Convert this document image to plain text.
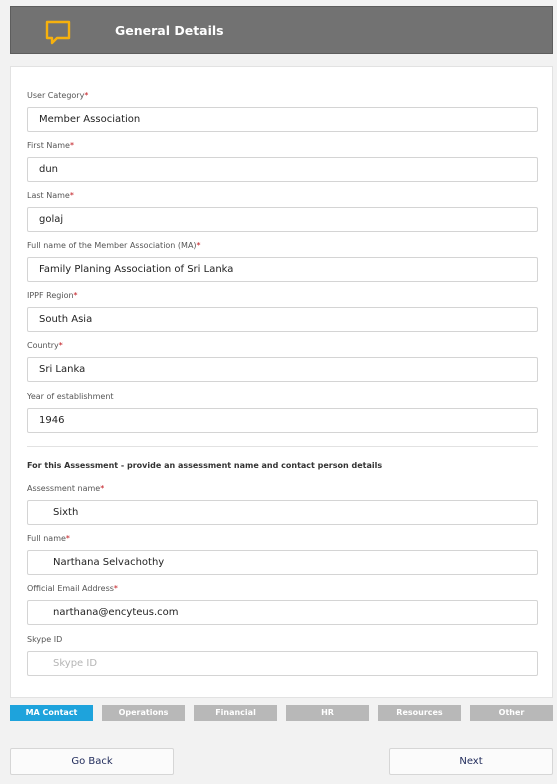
General Details
User Category*
Member Association
First Name*
dun
Last Name*
golaj
Full name of the Member Association (MA)*
Family Planing Association of Sri Lanka
IPPF Region*
South Asia
Country*
Sri Lanka
Year of establishment
1946
For this Assessment - provide an assessment name and contact person details
Assessment name*
Sixth
Full name*
Narthana Selvachothy
Official Email Address*
narthana@encyteus.com
Skype ID
Skype ID
MA Contact	Operations	Financial	HR	Resources	Other
Go Back	Next
